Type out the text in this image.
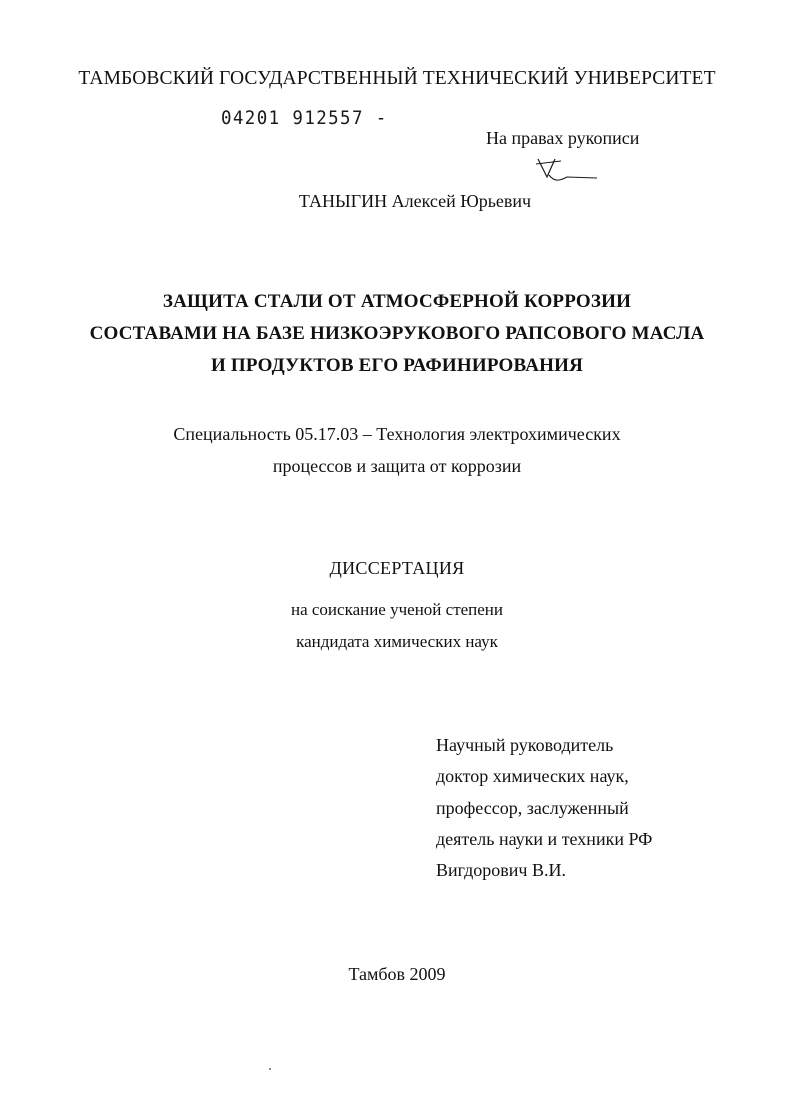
ТАМБОВСКИЙ ГОСУДАРСТВЕННЫЙ ТЕХНИЧЕСКИЙ УНИВЕРСИТЕТ
04201 912557 -
На правах рукописи
ТАНЫГИН Алексей Юрьевич
ЗАЩИТА СТАЛИ ОТ АТМОСФЕРНОЙ КОРРОЗИИ
СОСТАВАМИ НА БАЗЕ НИЗКОЭРУКОВОГО РАПСОВОГО МАСЛА
И ПРОДУКТОВ ЕГО РАФИНИРОВАНИЯ
Специальность 05.17.03 – Технология электрохимических
процессов и защита от коррозии
ДИССЕРТАЦИЯ
на соискание ученой степени
кандидата химических наук
Научный руководитель
доктор химических наук,
профессор, заслуженный
деятель науки и техники РФ
Вигдорович В.И.
Тамбов 2009
